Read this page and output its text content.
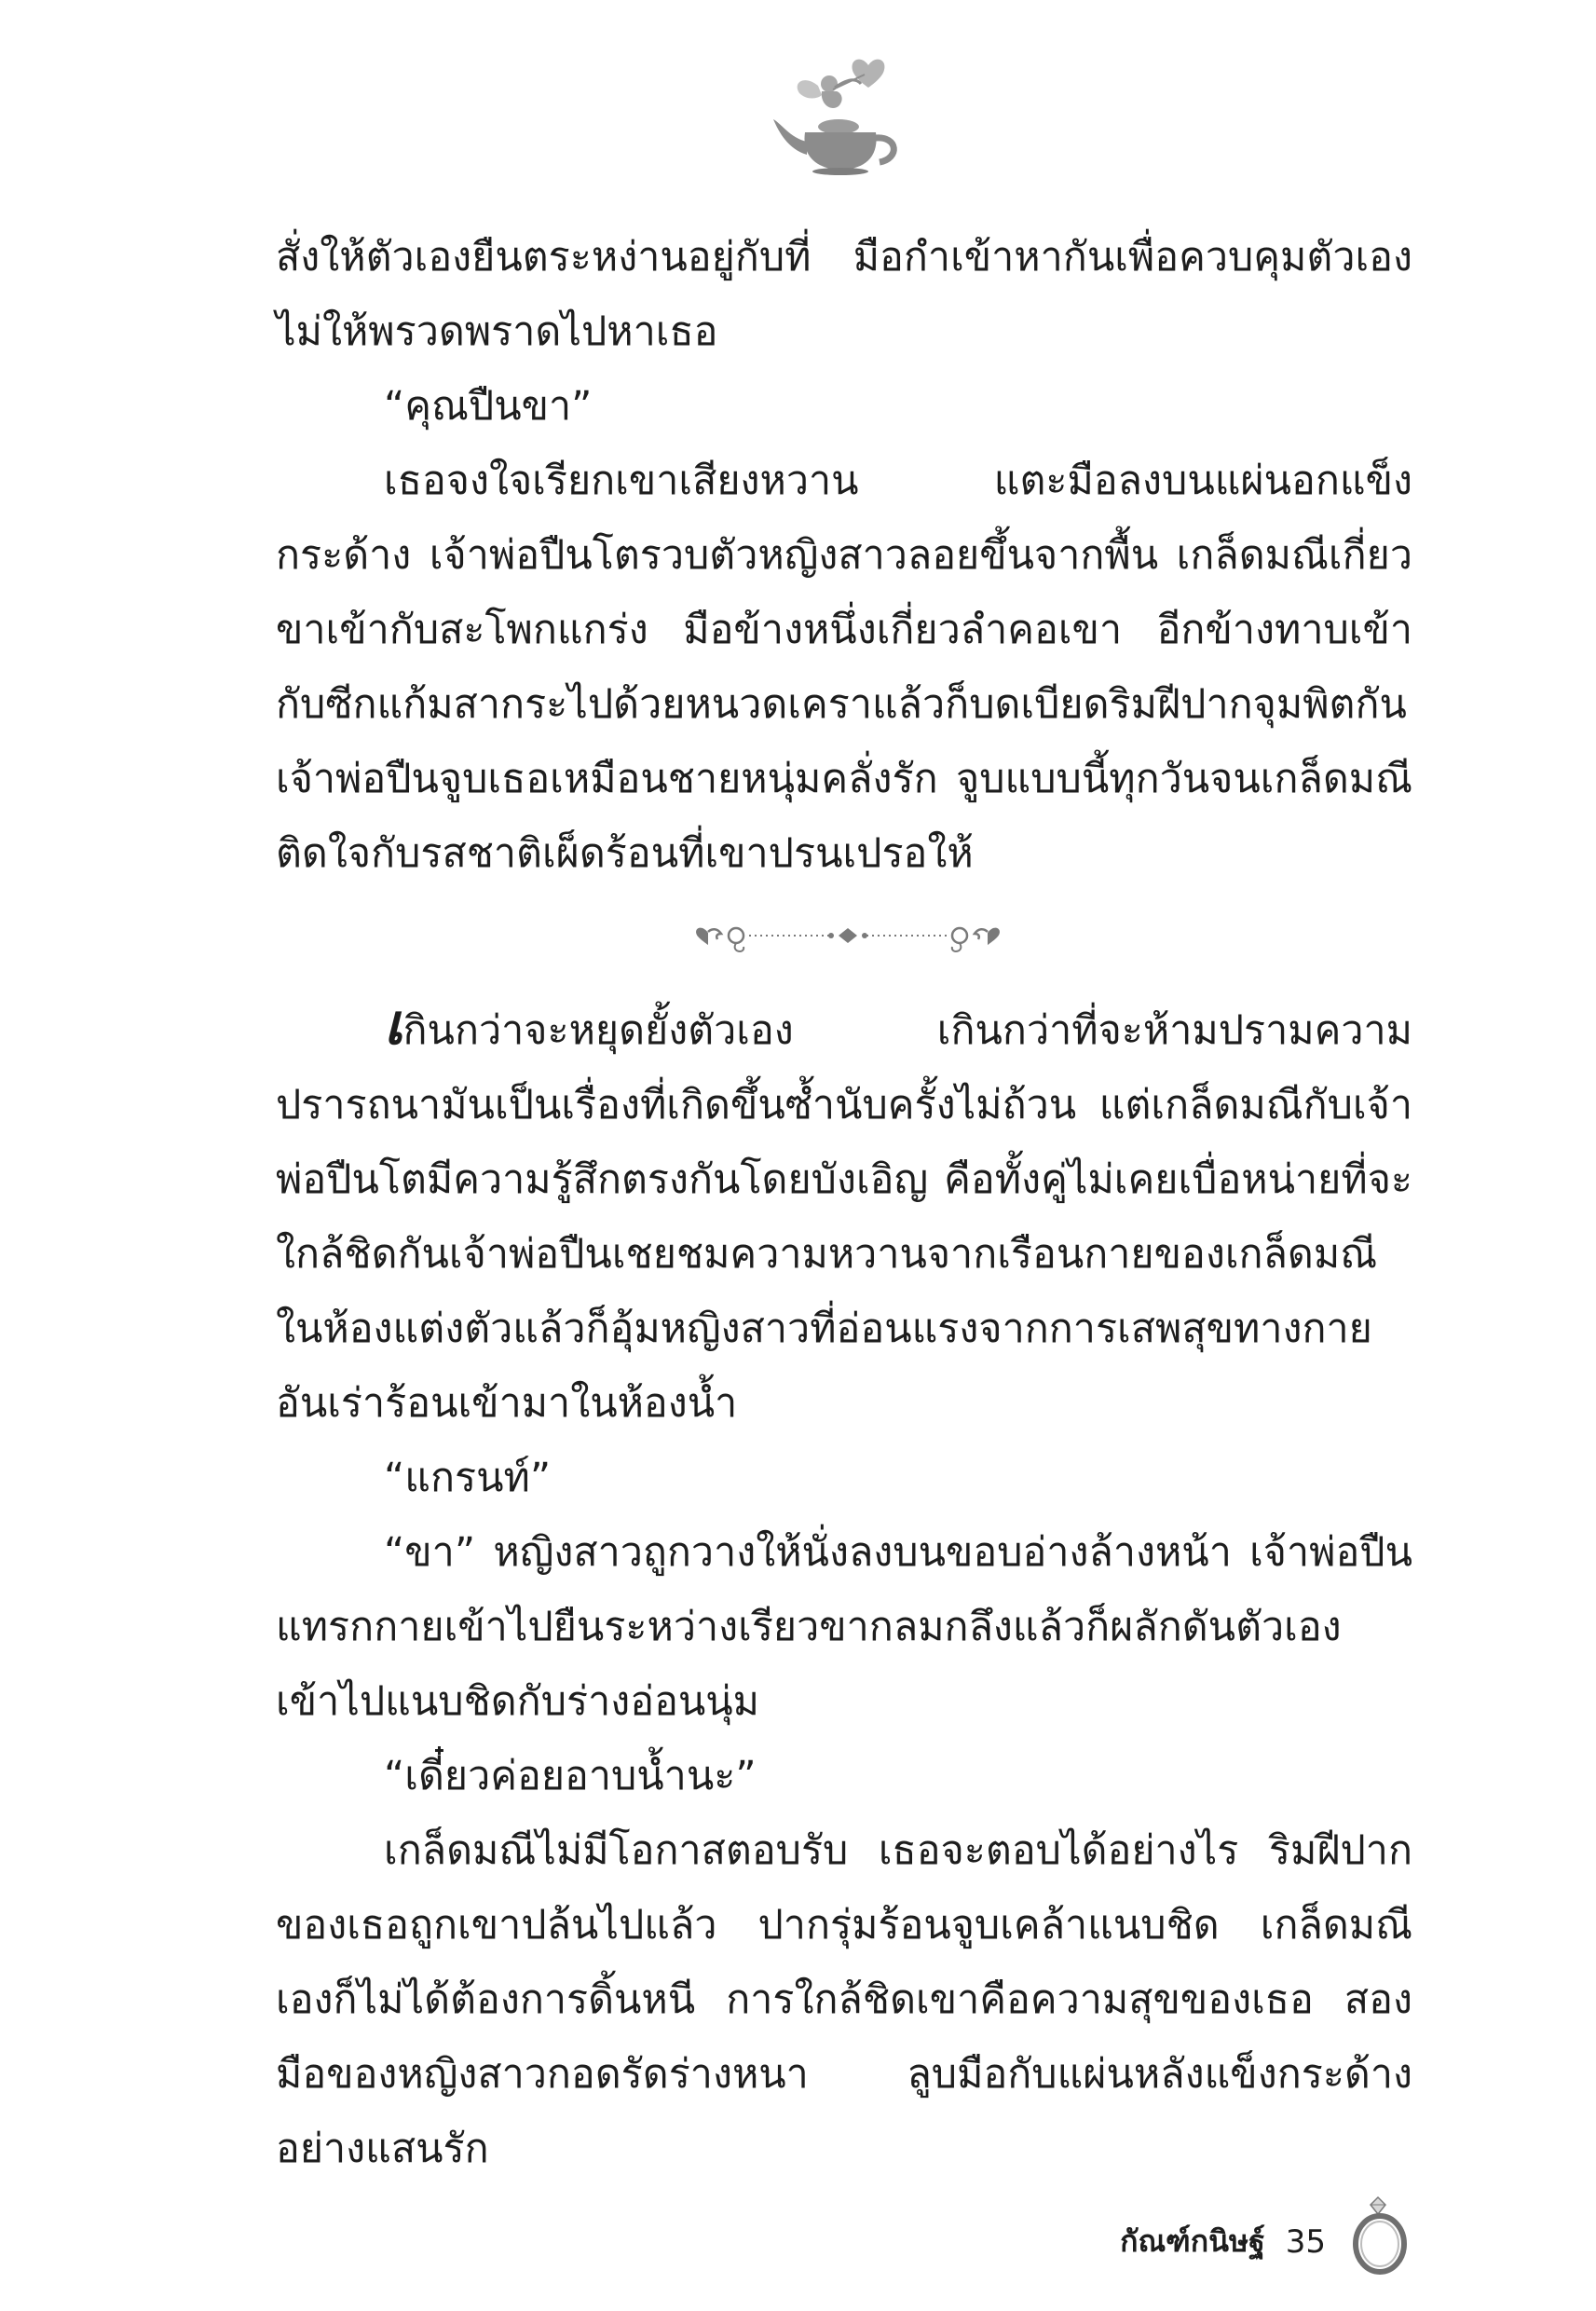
สั่งให้ตัวเองยืนตระหง่านอยู่กับที่ มือกำเข้าหากันเพื่อควบคุมตัวเองไม่ให้พรวดพราดไปหาเธอ

“คุณปืนขา”

เธอจงใจเรียกเขาเสียงหวาน แตะมือลงบนแผ่นอกแข็งกระด้าง เจ้าพ่อปืนโตรวบตัวหญิงสาวลอยขึ้นจากพื้น เกล็ดมณีเกี่ยวขาเข้ากับสะโพกแกร่ง มือข้างหนึ่งเกี่ยวลำคอเขา อีกข้างทาบเข้ากับซีกแก้มสากระไปด้วยหนวดเคราแล้วก็บดเบียดริมฝีปากจุมพิตกัน เจ้าพ่อปืนจูบเธอเหมือนชายหนุ่มคลั่งรัก จูบแบบนี้ทุกวันจนเกล็ดมณีติดใจกับรสชาติเผ็ดร้อนที่เขาปรนเปรอให้

เกินกว่าจะหยุดยั้งตัวเอง เกินกว่าที่จะห้ามปรามความปรารถนามันเป็นเรื่องที่เกิดขึ้นซ้ำนับครั้งไม่ถ้วน แต่เกล็ดมณีกับเจ้าพ่อปืนโตมีความรู้สึกตรงกันโดยบังเอิญ คือทั้งคู่ไม่เคยเบื่อหน่ายที่จะใกล้ชิดกันเจ้าพ่อปืนเชยชมความหวานจากเรือนกายของเกล็ดมณีในห้องแต่งตัวแล้วก็อุ้มหญิงสาวที่อ่อนแรงจากการเสพสุขทางกายอันเร่าร้อนเข้ามาในห้องน้ำ

“แกรนท์”

“ขา” หญิงสาวถูกวางให้นั่งลงบนขอบอ่างล้างหน้า เจ้าพ่อปืนแทรกกายเข้าไปยืนระหว่างเรียวขากลมกลึงแล้วก็ผลักดันตัวเองเข้าไปแนบชิดกับร่างอ่อนนุ่ม

“เดี๋ยวค่อยอาบน้ำนะ”

เกล็ดมณีไม่มีโอกาสตอบรับ เธอจะตอบได้อย่างไร ริมฝีปากของเธอถูกเขาปล้นไปแล้ว ปากรุ่มร้อนจูบเคล้าแนบชิด เกล็ดมณีเองก็ไม่ได้ต้องการดิ้นหนี การใกล้ชิดเขาคือความสุขของเธอ สองมือของหญิงสาวกอดรัดร่างหนา ลูบมือกับแผ่นหลังแข็งกระด้างอย่างแสนรัก

กัณฑ์กนิษฐ์ 35
